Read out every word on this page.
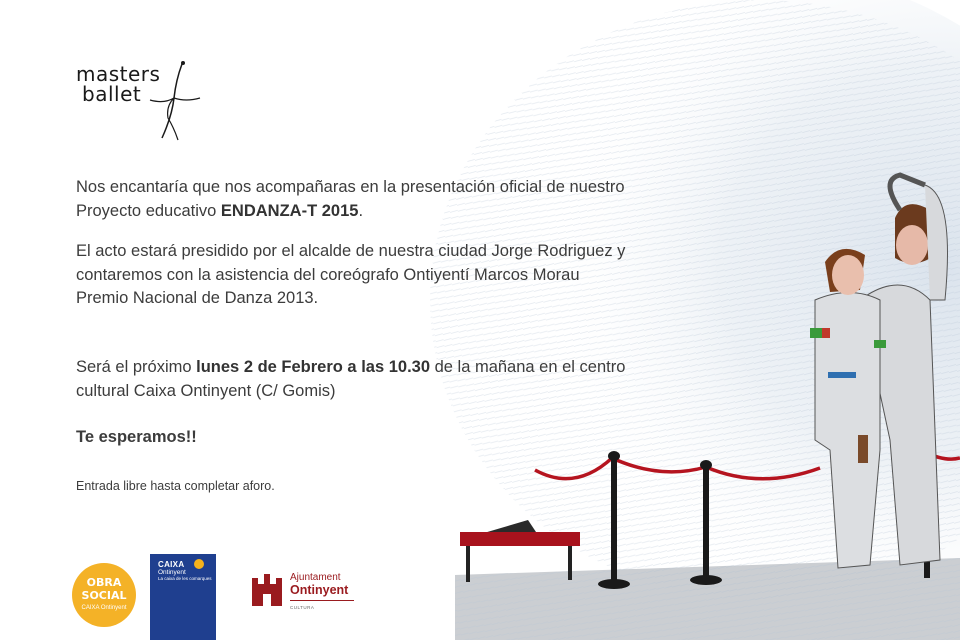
masters
ballet
Nos encantaría que nos acompañaras en la presentación oficial de nuestro Proyecto educativo ENDANZA-T 2015.
El acto estará presidido por el alcalde de nuestra ciudad Jorge Rodriguez y contaremos con la asistencia del coreógrafo Ontiyentí Marcos Morau Premio Nacional de Danza 2013.
Será el próximo lunes 2 de Febrero a las 10.30 de la mañana en el centro cultural Caixa Ontinyent (C/ Gomis)
Te esperamos!!
Entrada libre hasta completar aforo.
OBRA
SOCIAL
CAIXA Ontinyent
CAIXA
Ontinyent
La caixa de les comarques	Ajuntament
Ontinyent
CULTURA
